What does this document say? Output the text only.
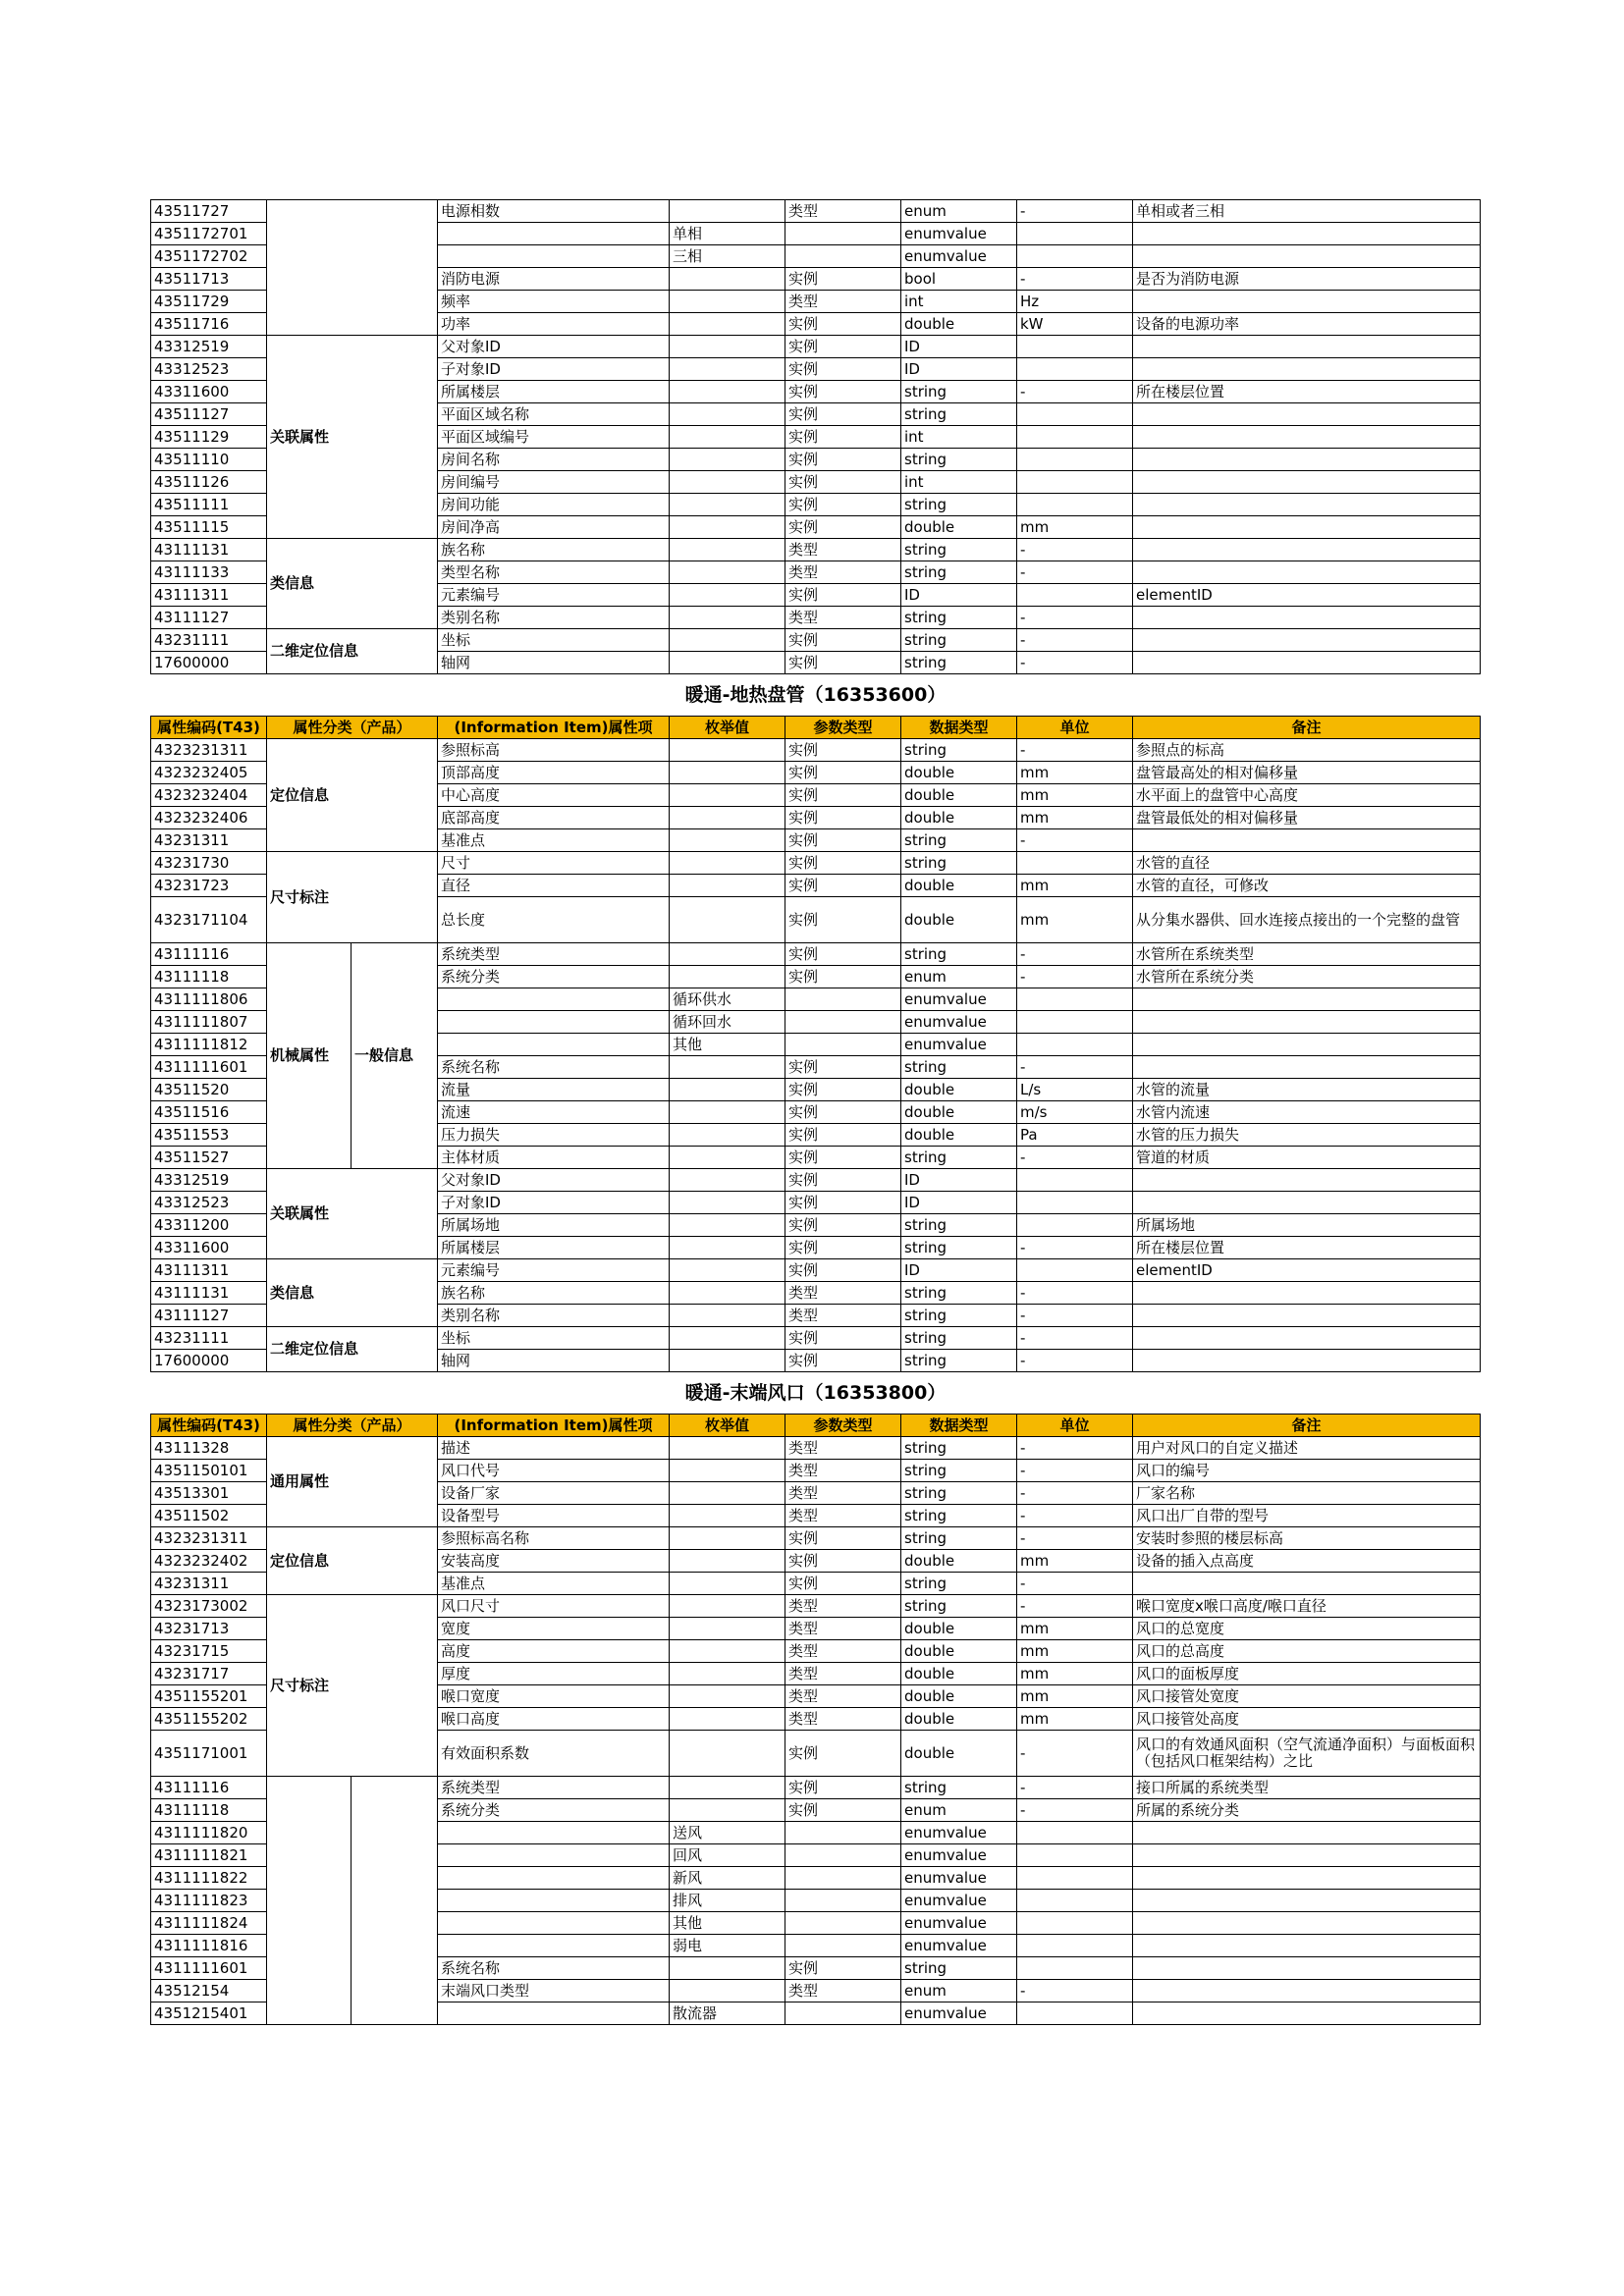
43511727			电源相数		类型	enum	-	单相或者三相
4351172701				单相		enumvalue		
4351172702				三相		enumvalue		
43511713			消防电源		实例	bool	-	是否为消防电源
43511729			频率		类型	int	Hz	
43511716			功率		实例	double	kW	设备的电源功率
43312519	关联属性		父对象ID		实例	ID		
43312523			子对象ID		实例	ID		
43311600			所属楼层		实例	string	-	所在楼层位置
43511127			平面区域名称		实例	string		
43511129			平面区域编号		实例	int		
43511110			房间名称		实例	string		
43511126			房间编号		实例	int		
43511111			房间功能		实例	string		
43511115			房间净高		实例	double	mm	
43111131	类信息		族名称		类型	string	-	
43111133			类型名称		类型	string	-	
43111311			元素编号		实例	ID		elementID
43111127			类别名称		类型	string	-	
43231111	二维定位信息		坐标		实例	string	-	
17600000			轴网		实例	string	-	
暖通-地热盘管（16353600）								
属性编码(T43)	属性分类（产品）		(Information Item)属性项	枚举值	参数类型	数据类型	单位	备注
4323231311	定位信息		参照标高		实例	string	-	参照点的标高
4323232405			顶部高度		实例	double	mm	盘管最高处的相对偏移量
4323232404			中心高度		实例	double	mm	水平面上的盘管中心高度
4323232406			底部高度		实例	double	mm	盘管最低处的相对偏移量
43231311			基准点		实例	string	-	
43231730	尺寸标注		尺寸		实例	string		水管的直径
43231723			直径		实例	double	mm	水管的直径，可修改
4323171104			总长度		实例	double	mm	从分集水器供、回水连接点接出的一个完整的盘管
43111116	机械属性	一般信息	系统类型		实例	string	-	水管所在系统类型
43111118			系统分类		实例	enum	-	水管所在系统分类
4311111806				循环供水		enumvalue		
4311111807				循环回水		enumvalue		
4311111812				其他		enumvalue		
4311111601			系统名称		实例	string	-	
43511520			流量		实例	double	L/s	水管的流量
43511516			流速		实例	double	m/s	水管内流速
43511553			压力损失		实例	double	Pa	水管的压力损失
43511527			主体材质		实例	string	-	管道的材质
43312519	关联属性		父对象ID		实例	ID		
43312523			子对象ID		实例	ID		
43311200			所属场地		实例	string		所属场地
43311600			所属楼层		实例	string	-	所在楼层位置
43111311	类信息		元素编号		实例	ID		elementID
43111131			族名称		类型	string	-	
43111127			类别名称		类型	string	-	
43231111	二维定位信息		坐标		实例	string	-	
17600000			轴网		实例	string	-	
暖通-末端风口（16353800）								
属性编码(T43)	属性分类（产品）		(Information Item)属性项	枚举值	参数类型	数据类型	单位	备注
43111328	通用属性		描述		类型	string	-	用户对风口的自定义描述
4351150101			风口代号		类型	string	-	风口的编号
43513301			设备厂家		类型	string	-	厂家名称
43511502			设备型号		类型	string	-	风口出厂自带的型号
4323231311	定位信息		参照标高名称		实例	string	-	安装时参照的楼层标高
4323232402			安装高度		实例	double	mm	设备的插入点高度
43231311			基准点		实例	string	-	
4323173002	尺寸标注		风口尺寸		类型	string	-	喉口宽度x喉口高度/喉口直径
43231713			宽度		类型	double	mm	风口的总宽度
43231715			高度		类型	double	mm	风口的总高度
43231717			厚度		类型	double	mm	风口的面板厚度
4351155201			喉口宽度		类型	double	mm	风口接管处宽度
4351155202			喉口高度		类型	double	mm	风口接管处高度
4351171001			有效面积系数		实例	double	-	风口的有效通风面积（空气流通净面积）与面板面积（包括风口框架结构）之比
43111116			系统类型		实例	string	-	接口所属的系统类型
43111118			系统分类		实例	enum	-	所属的系统分类
4311111820				送风		enumvalue		
4311111821				回风		enumvalue		
4311111822				新风		enumvalue		
4311111823				排风		enumvalue		
4311111824				其他		enumvalue		
4311111816				弱电		enumvalue		
4311111601			系统名称		实例	string		
43512154			末端风口类型		类型	enum	-	
4351215401				散流器		enumvalue		
